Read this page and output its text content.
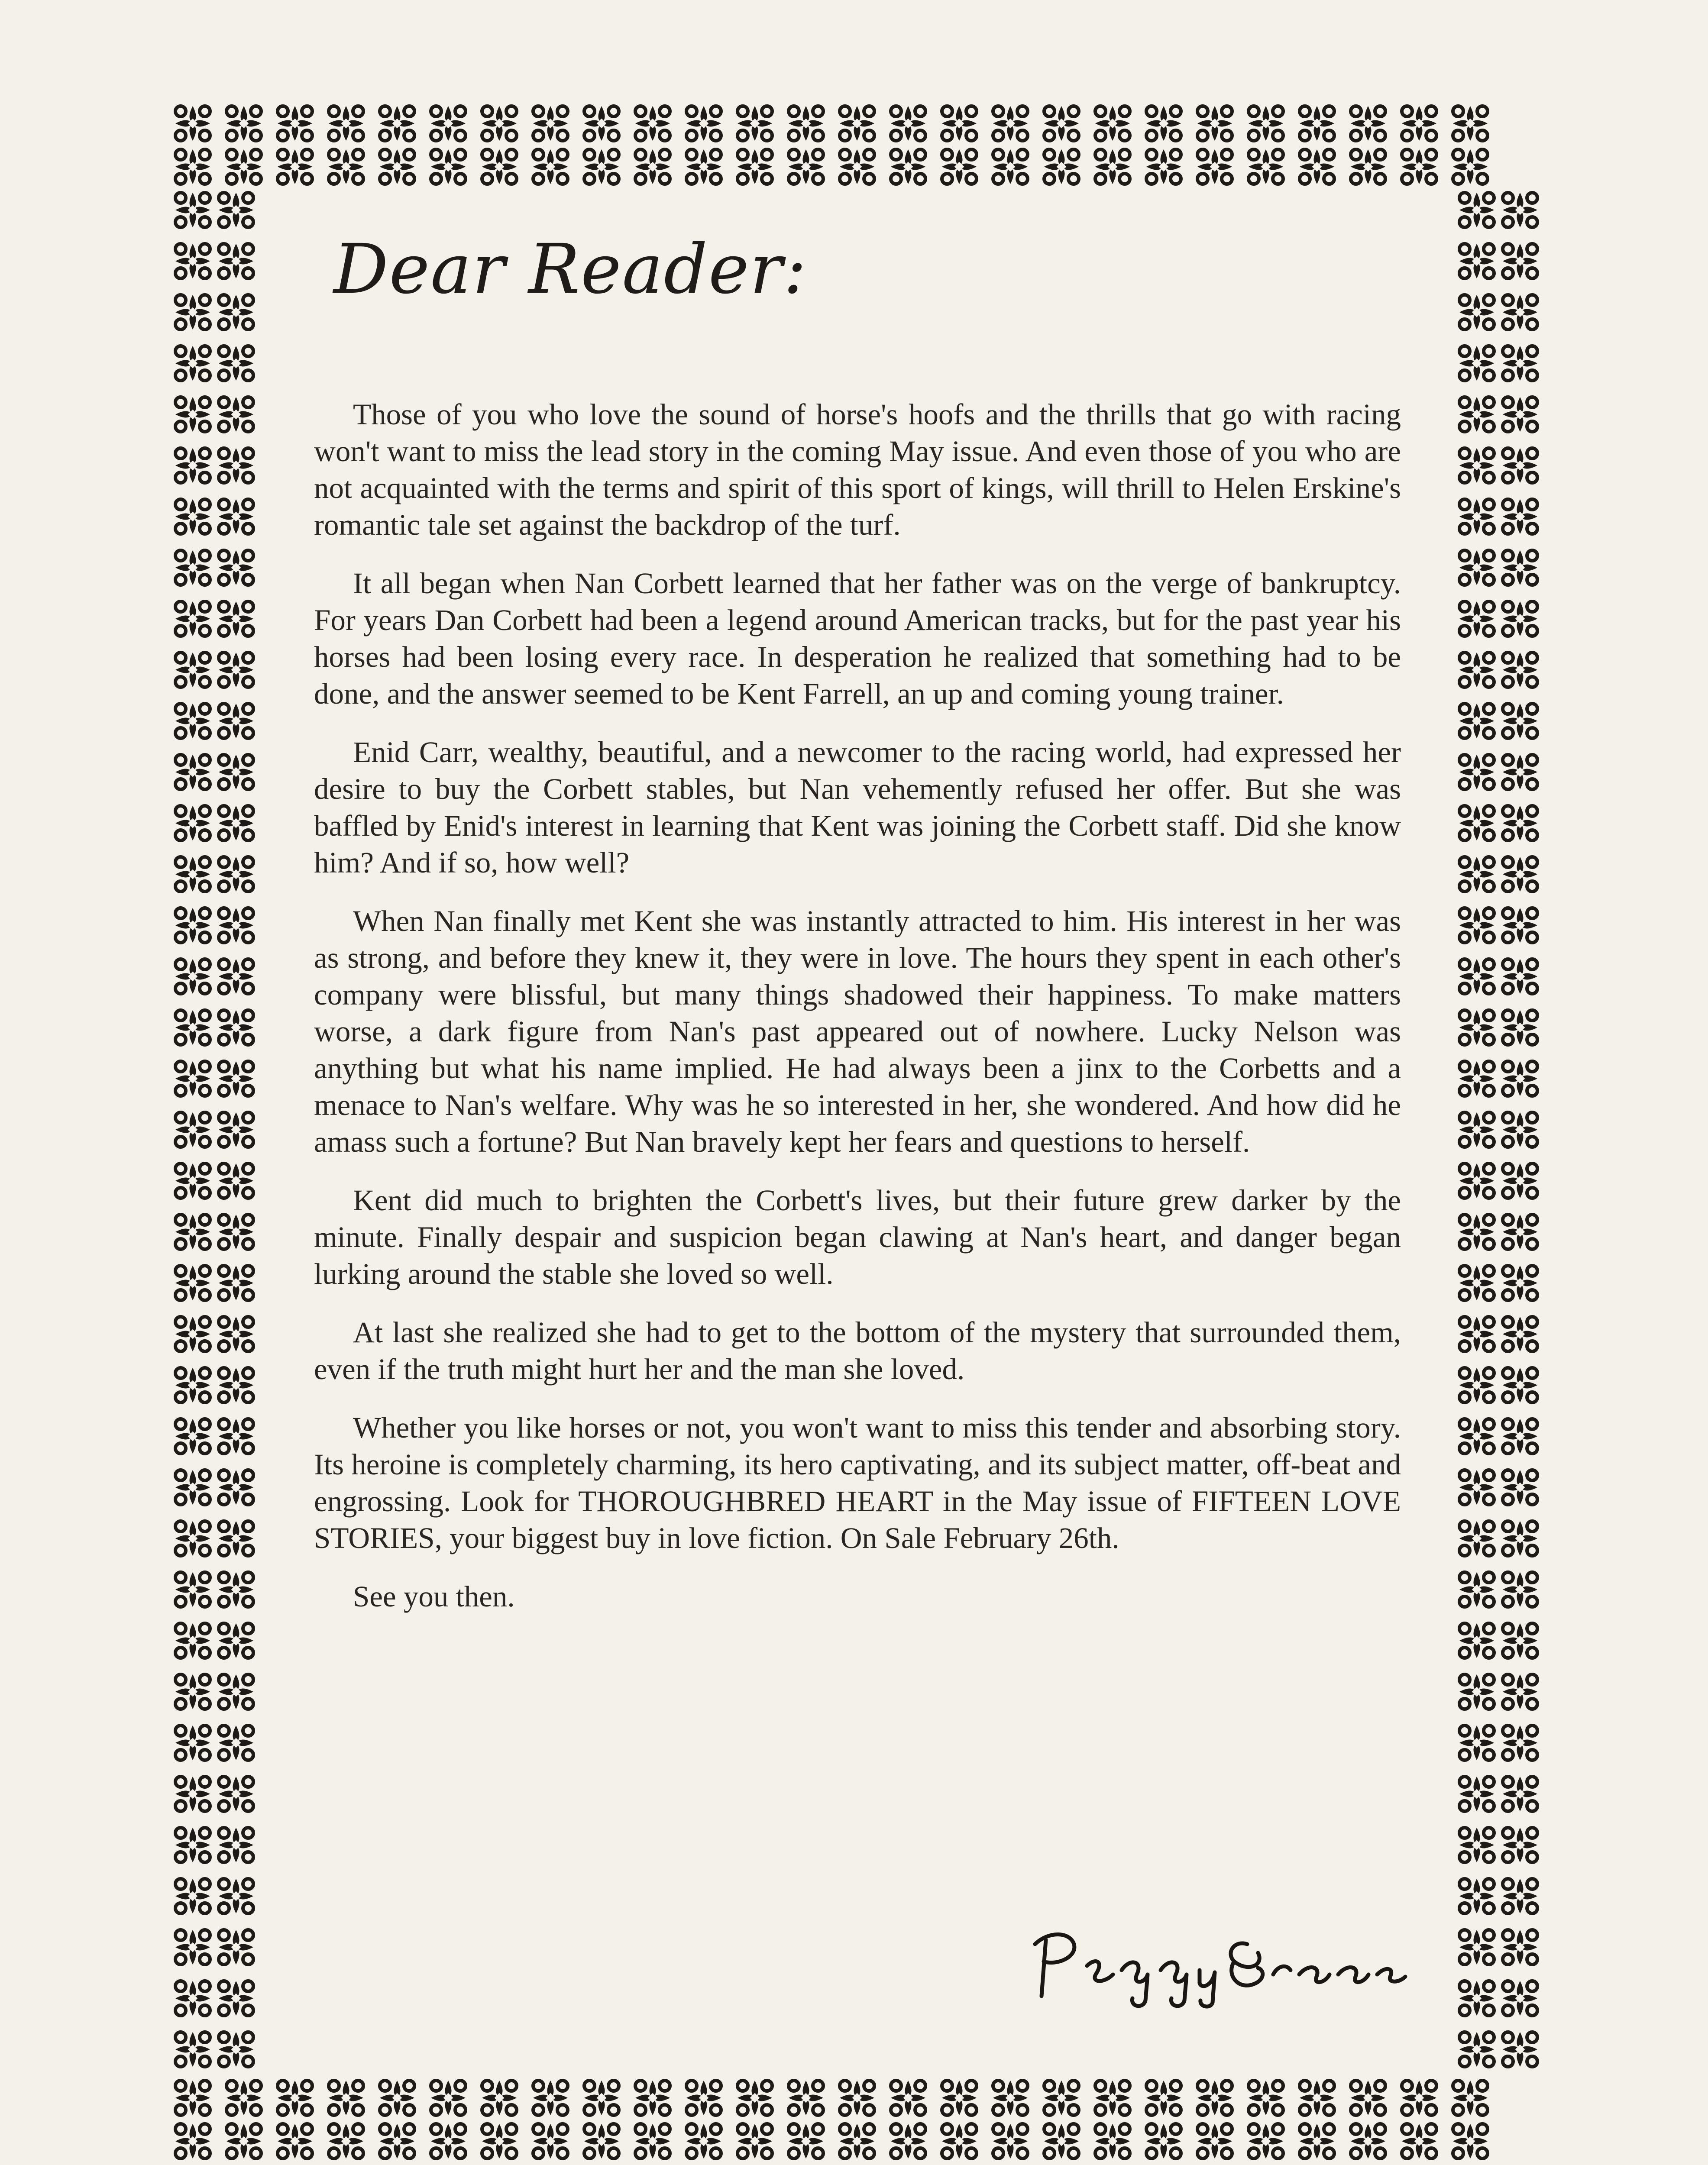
Dear Reader:

Those of you who love the sound of horse's hoofs and the thrills that go with racing won't want to miss the lead story in the coming May issue. And even those of you who are not acquainted with the terms and spirit of this sport of kings, will thrill to Helen Erskine's romantic tale set against the backdrop of the turf.

It all began when Nan Corbett learned that her father was on the verge of bankruptcy. For years Dan Corbett had been a legend around American tracks, but for the past year his horses had been losing every race. In desperation he realized that something had to be done, and the answer seemed to be Kent Farrell, an up and coming young trainer.

Enid Carr, wealthy, beautiful, and a newcomer to the racing world, had expressed her desire to buy the Corbett stables, but Nan vehemently refused her offer. But she was baffled by Enid's interest in learning that Kent was joining the Corbett staff. Did she know him? And if so, how well?

When Nan finally met Kent she was instantly attracted to him. His interest in her was as strong, and before they knew it, they were in love. The hours they spent in each other's company were blissful, but many things shadowed their happiness. To make matters worse, a dark figure from Nan's past appeared out of nowhere. Lucky Nelson was anything but what his name implied. He had always been a jinx to the Corbetts and a menace to Nan's welfare. Why was he so interested in her, she wondered. And how did he amass such a fortune? But Nan bravely kept her fears and questions to herself.

Kent did much to brighten the Corbett's lives, but their future grew darker by the minute. Finally despair and suspicion began clawing at Nan's heart, and danger began lurking around the stable she loved so well.

At last she realized she had to get to the bottom of the mystery that surrounded them, even if the truth might hurt her and the man she loved.

Whether you like horses or not, you won't want to miss this tender and absorbing story. Its heroine is completely charming, its hero captivating, and its subject matter, off-beat and engrossing. Look for THOROUGHBRED HEART in the May issue of FIFTEEN LOVE STORIES, your biggest buy in love fiction. On Sale February 26th.

See you then.
